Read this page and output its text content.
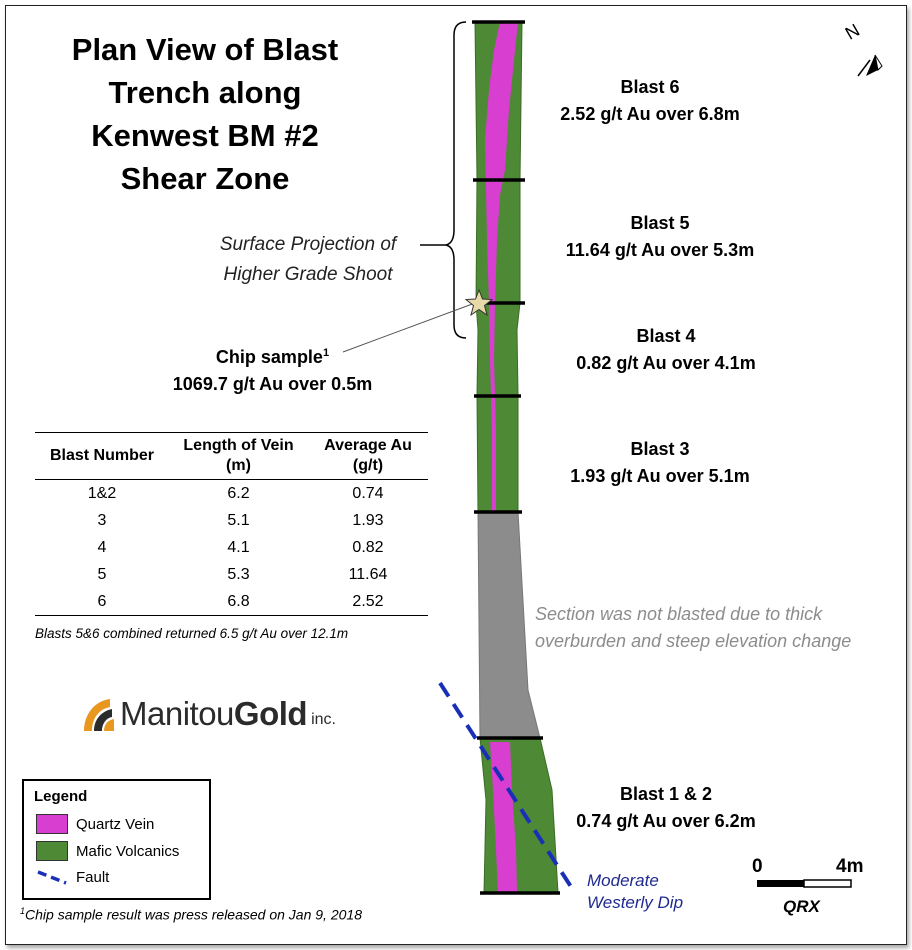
N
QRX
Plan View of Blast
Trench along
Kenwest BM #2
Shear Zone
Blast 6
2.52 g/t Au over 6.8m
Blast 5
11.64 g/t Au over 5.3m
Blast 4
0.82 g/t Au over 4.1m
Blast 3
1.93 g/t Au over 5.1m
Blast 1 & 2
0.74 g/t Au over 6.2m
Surface Projection of
Higher Grade Shoot
Chip sample$^1$
1069.7 g/t Au over 0.5m
Blast Number	Length of Vein (m)	Average Au (g/t)
1&2	6.2	0.74
3	5.1	1.93
4	4.1	0.82
5	5.3	11.64
6	6.8	2.52
Blasts 5&6 combined returned 6.5 g/t Au over 12.1m
Section was not blasted due to thick
overburden and steep elevation change
Moderate
Westerly Dip
ManitouGold inc.
Legend
Quartz Vein
Mafic Volcanics
Fault
$^1$Chip sample result was press released on Jan 9, 2018
0	4m
